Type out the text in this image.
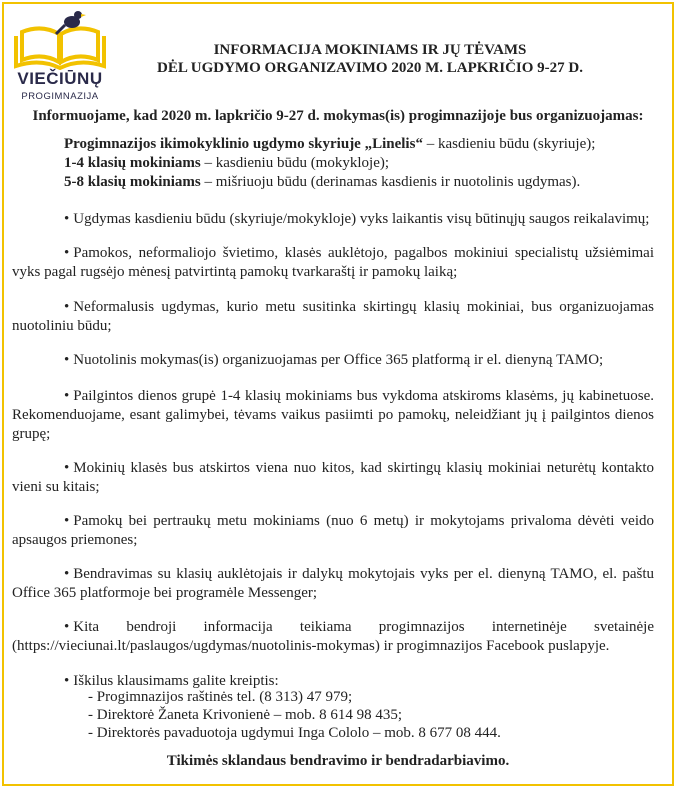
VIEČIŪNŲ
PROGIMNAZIJA
INFORMACIJA MOKINIAMS IR JŲ TĖVAMS
DĖL UGDYMO ORGANIZAVIMO 2020 M. LAPKRIČIO 9-27 D.
Informuojame, kad 2020 m. lapkričio 9-27 d. mokymas(is) progimnazijoje bus organizuojamas:
Progimnazijos ikimokyklinio ugdymo skyriuje „Linelis“ – kasdieniu būdu (skyriuje);
1-4 klasių mokiniams – kasdieniu būdu (mokykloje);
5-8 klasių mokiniams – mišriuoju būdu (derinamas kasdienis ir nuotolinis ugdymas).
• Ugdymas kasdieniu būdu (skyriuje/mokykloje) vyks laikantis visų būtinųjų saugos reikalavimų;
• Pamokos, neformaliojo švietimo, klasės auklėtojo, pagalbos mokiniui specialistų užsiėmimai vyks pagal rugsėjo mėnesį patvirtintą pamokų tvarkaraštį ir pamokų laiką;
• Neformalusis ugdymas, kurio metu susitinka skirtingų klasių mokiniai, bus organizuojamas nuotoliniu būdu;
• Nuotolinis mokymas(is) organizuojamas per Office 365 platformą ir el. dienyną TAMO;
• Pailgintos dienos grupė 1-4 klasių mokiniams bus vykdoma atskiroms klasėms, jų kabinetuose. Rekomenduojame, esant galimybei, tėvams vaikus pasiimti po pamokų, neleidžiant jų į pailgintos dienos grupę;
• Mokinių klasės bus atskirtos viena nuo kitos, kad skirtingų klasių mokiniai neturėtų kontakto vieni su kitais;
• Pamokų bei pertraukų metu mokiniams (nuo 6 metų) ir mokytojams privaloma dėvėti veido apsaugos priemones;
• Bendravimas su klasių auklėtojais ir dalykų mokytojais vyks per el. dienyną TAMO, el. paštu Office 365 platformoje bei programėle Messenger;
• Kita bendroji informacija teikiama progimnazijos internetinėje svetainėje (https://vieciunai.lt/paslaugos/ugdymas/nuotolinis-mokymas) ir progimnazijos Facebook puslapyje.
• Iškilus klausimams galite kreiptis:
- Progimnazijos raštinės tel. (8 313) 47 979;
- Direktorė Žaneta Krivonienė – mob. 8 614 98 435;
- Direktorės pavaduotoja ugdymui Inga Cololo – mob. 8 677 08 444.
Tikimės sklandaus bendravimo ir bendradarbiavimo.
